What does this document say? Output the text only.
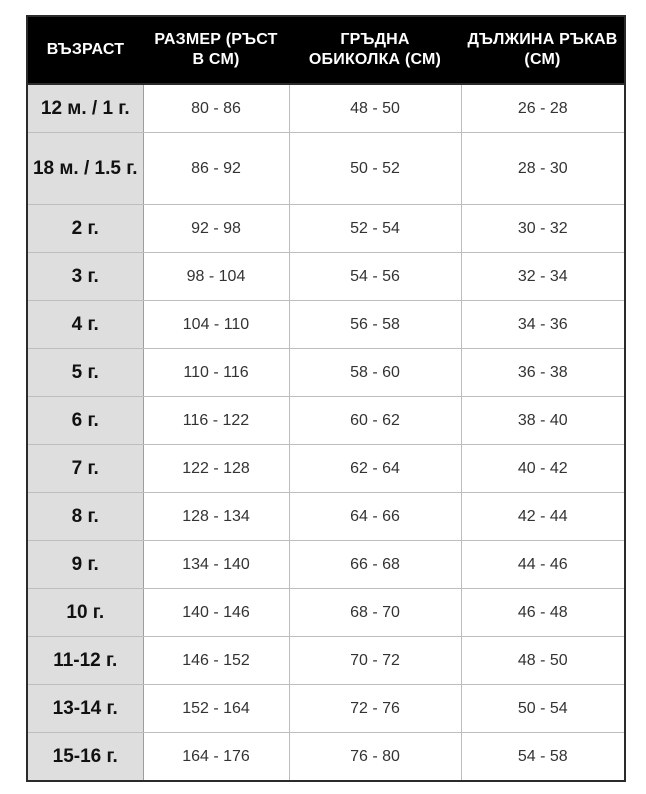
ВЪЗРАСТ	РАЗМЕР (РЪСТ В СМ)	ГРЪДНА ОБИКОЛКА (СМ)	ДЪЛЖИНА РЪКАВ (СМ)
12 м. / 1 г.	80 - 86	48 - 50	26 - 28
18 м. / 1.5 г.	86 - 92	50 - 52	28 - 30
2 г.	92 - 98	52 - 54	30 - 32
3 г.	98 - 104	54 - 56	32 - 34
4 г.	104 - 110	56 - 58	34 - 36
5 г.	110 - 116	58 - 60	36 - 38
6 г.	116 - 122	60 - 62	38 - 40
7 г.	122 - 128	62 - 64	40 - 42
8 г.	128 - 134	64 - 66	42 - 44
9 г.	134 - 140	66 - 68	44 - 46
10 г.	140 - 146	68 - 70	46 - 48
11-12 г.	146 - 152	70 - 72	48 - 50
13-14 г.	152 - 164	72 - 76	50 - 54
15-16 г.	164 - 176	76 - 80	54 - 58
